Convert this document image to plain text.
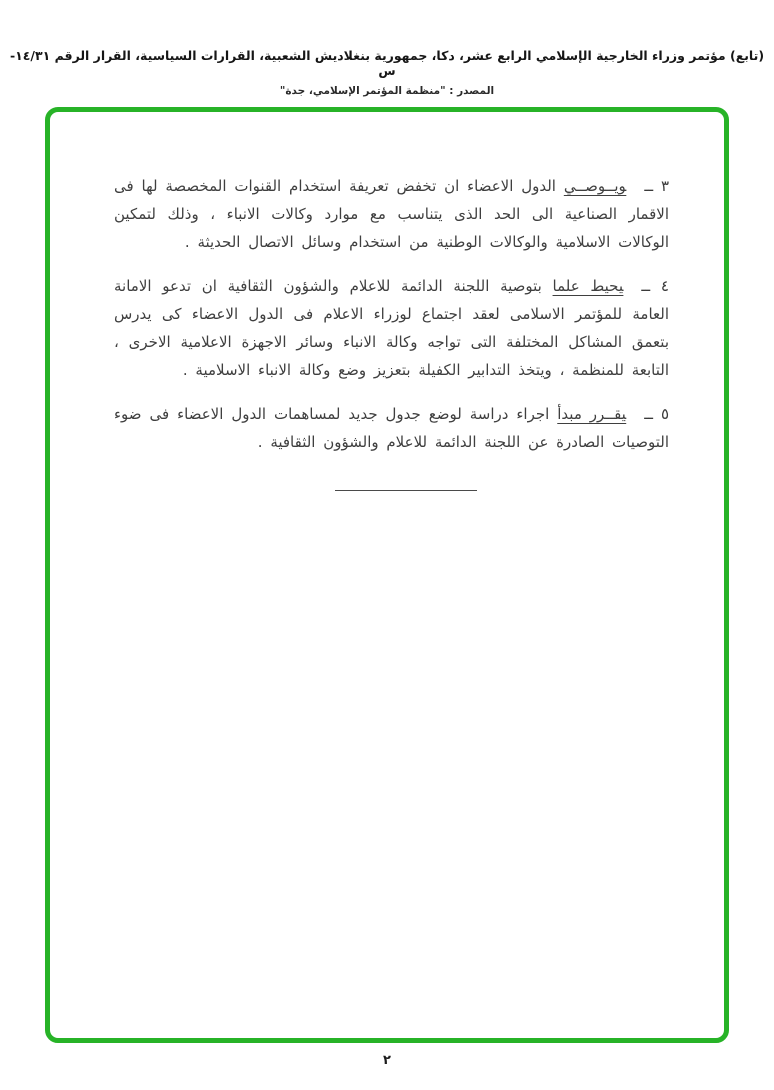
(تابع) مؤتمر وزراء الخارجية الإسلامي الرابع عشر، دكا، جمهورية بنغلاديش الشعبية، القرارات السياسية، القرار الرقم ١٤/٣١- س
المصدر : "منظمة المؤتمر الإسلامي، جدة"

٣ ــويــوصــي الدول الاعضاء ان تخفض تعريفة استخدام القنوات المخصصة لها فى الاقمار الصناعية الى الحد الذى يتناسب مع موارد وكالات الانباء ، وذلك لتمكين الوكالات الاسلامية والوكالات الوطنية من استخدام وسائل الاتصال الحديثة .

٤ ــيحيط علما بتوصية اللجنة الدائمة للاعلام والشؤون الثقافية ان تدعو الامانة العامة للمؤتمر الاسلامى لعقد اجتماع لوزراء الاعلام فى الدول الاعضاء كى يدرس بتعمق المشاكل المختلفة التى تواجه وكالة الانباء وسائر الاجهزة الاعلامية الاخرى ، التابعة للمنظمة ، ويتخذ التدابير الكفيلة بتعزيز وضع وكالة الانباء الاسلامية .

٥ ــيقــرر مبدأ اجراء دراسة لوضع جدول جديد لمساهمات الدول الاعضاء فى ضوء التوصيات الصادرة عن اللجنة الدائمة للاعلام والشؤون الثقافية .

٢
